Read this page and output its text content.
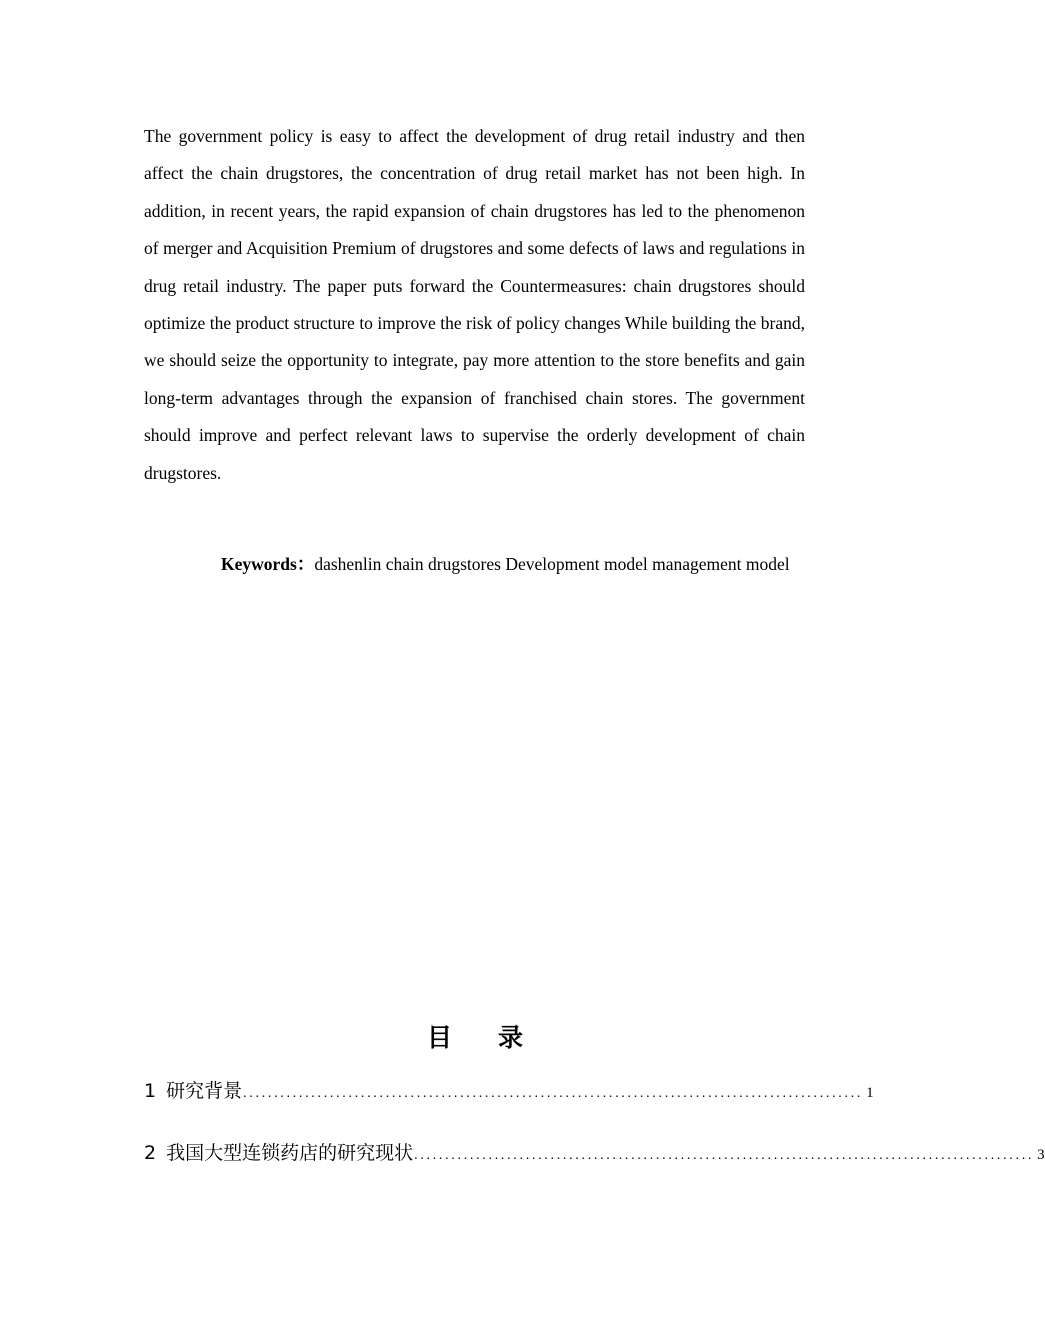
The government policy is easy to affect the development of drug retail industry and then affect the chain drugstores, the concentration of drug retail market has not been high. In addition, in recent years, the rapid expansion of chain drugstores has led to the phenomenon of merger and Acquisition Premium of drugstores and some defects of laws and regulations in drug retail industry. The paper puts forward the Countermeasures: chain drugstores should optimize the product structure to improve the risk of policy changes While building the brand, we should seize the opportunity to integrate, pay more attention to the store benefits and gain long-term advantages through the expansion of franchised chain stores. The government should improve and perfect relevant laws to supervise the orderly development of chain drugstores.

Keywords：dashenlin chain drugstores Development model management model

目 录
1 研究背景 .................................................................................................... 1
2 我国大型连锁药店的研究现状 .................................................................................................... 3
